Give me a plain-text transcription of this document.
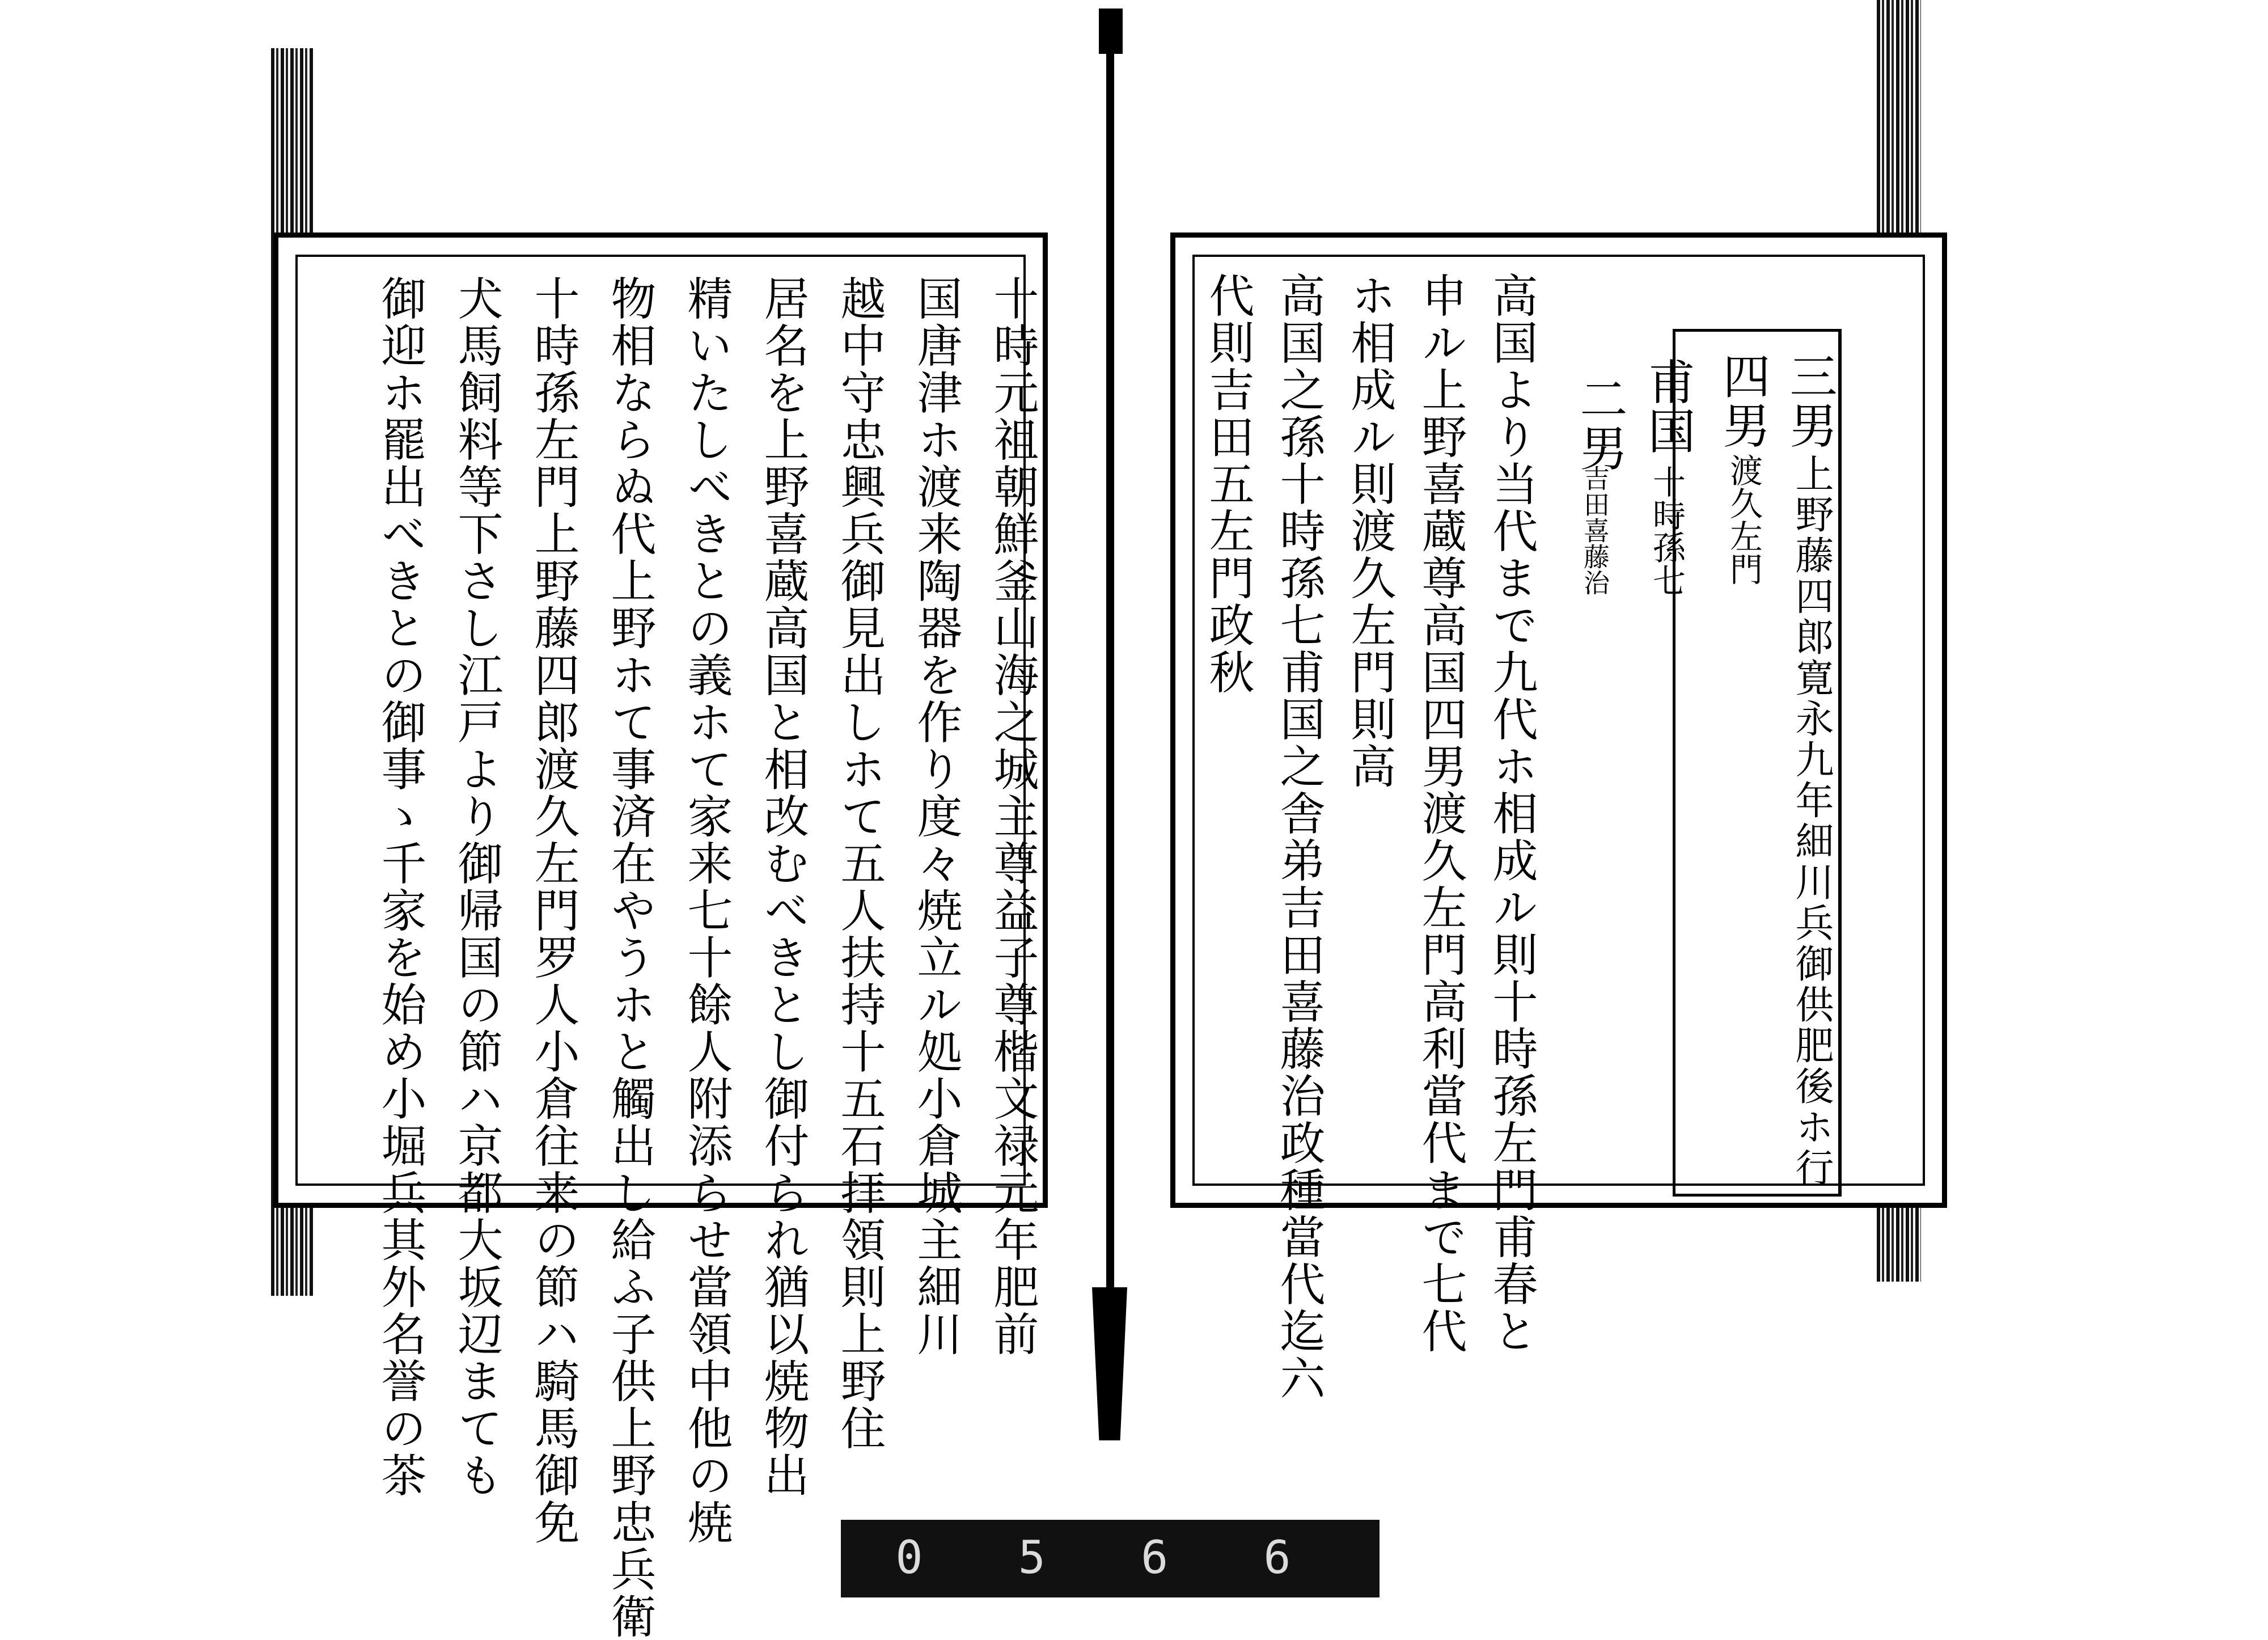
十時元祖朝鮮釜山海之城主尊益子尊楷文禄元年肥前
国唐津ホ渡来陶器を作り度々焼立ル処小倉城主細川
越中守忠興兵御見出しホて五人扶持十五石拝領則上野住
居名を上野喜蔵高国と相改むべきとし御付られ猶以焼物出
精いたしべきとの義ホて家来七十餘人附添らせ當領中他の焼
物相ならぬ代上野ホて事済在やうホと觸出し給ふ子供上野忠兵衛
十時孫左門上野藤四郎渡久左門罗人小倉往来の節ハ騎馬御免
犬馬飼料等下さし江戸より御帰国の節ハ京都大坂辺まても
御迎ホ罷出べきとの御事ゝ千家を始め小堀兵其外名誉の茶	三男
上野藤四郎寛永九年細川兵御供肥後ホ行
四男
渡久左門
甫国
十時孫七
二男
吉田喜藤治
高国より当代まで九代ホ相成ル則十時孫左門甫春と
申ル上野喜蔵尊高国四男渡久左門高利當代まで七代
ホ相成ル則渡久左門則高
高国之孫十時孫七甫国之舎弟吉田喜藤治政種當代迄六
代則吉田五左門政秋
0 5 6 6
